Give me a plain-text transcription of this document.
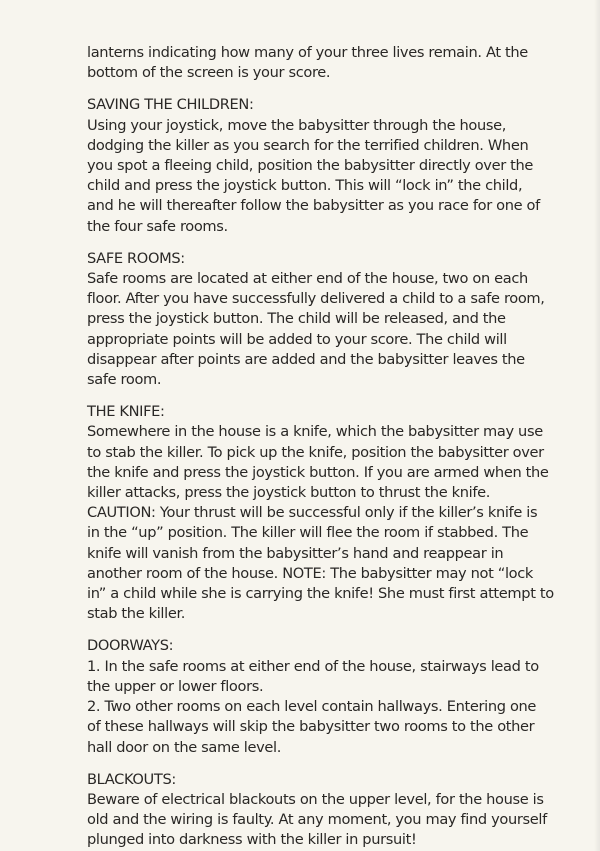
lanterns indicating how many of your three lives remain. At the

bottom of the screen is your score.

SAVING THE CHILDREN:

Using your joystick, move the babysitter through the house,

dodging the killer as you search for the terrified children. When

you spot a fleeing child, position the babysitter directly over the

child and press the joystick button. This will “lock in” the child,

and he will thereafter follow the babysitter as you race for one of

the four safe rooms.

SAFE ROOMS:

Safe rooms are located at either end of the house, two on each

floor. After you have successfully delivered a child to a safe room,

press the joystick button. The child will be released, and the

appropriate points will be added to your score. The child will

disappear after points are added and the babysitter leaves the

safe room.

THE KNIFE:

Somewhere in the house is a knife, which the babysitter may use

to stab the killer. To pick up the knife, position the babysitter over

the knife and press the joystick button. If you are armed when the

killer attacks, press the joystick button to thrust the knife.

CAUTION: Your thrust will be successful only if the killer’s knife is

in the “up” position. The killer will flee the room if stabbed. The

knife will vanish from the babysitter’s hand and reappear in

another room of the house. NOTE: The babysitter may not “lock

in” a child while she is carrying the knife! She must first attempt to

stab the killer.

DOORWAYS:

1. In the safe rooms at either end of the house, stairways lead to

the upper or lower floors.

2. Two other rooms on each level contain hallways. Entering one

of these hallways will skip the babysitter two rooms to the other

hall door on the same level.

BLACKOUTS:

Beware of electrical blackouts on the upper level, for the house is

old and the wiring is faulty. At any moment, you may find yourself

plunged into darkness with the killer in pursuit!
